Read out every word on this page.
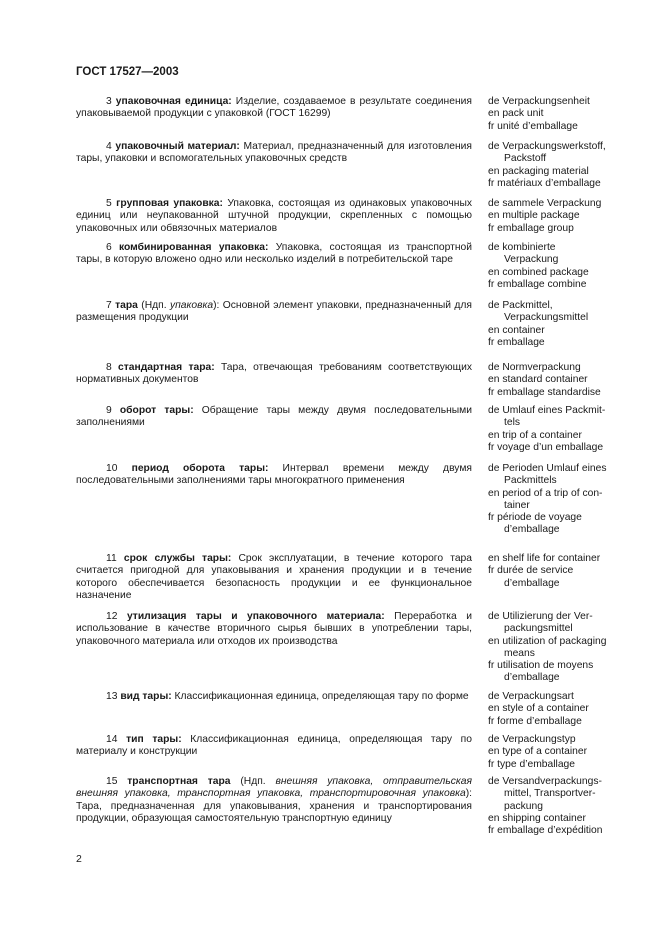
ГОСТ 17527—2003
3 упаковочная единица: Изделие, создаваемое в результате соединения упаковываемой продукции с упаковкой (ГОСТ 16299)
de Verpackungsenheit
en pack unit
fr unité d’emballage
4 упаковочный материал: Материал, предназначенный для изготовления тары, упаковки и вспомогательных упаковочных средств
de Verpackungswerkstoff,
Packstoff
en packaging material
fr matériaux d’emballage
5 групповая упаковка: Упаковка, состоящая из одинаковых упаковочных единиц или неупакованной штучной продукции, скрепленных с помощью упаковочных или обвязочных материалов
de sammele Verpackung
en multiple package
fr emballage group
6 комбинированная упаковка: Упаковка, состоящая из транспортной тары, в которую вложено одно или несколько изделий в потребительской таре
de kombinierte
Verpackung
en combined package
fr emballage combine
7 тара (Ндп. упаковка): Основной элемент упаковки, предназначенный для размещения продукции
de Packmittel,
Verpackungsmittel
en container
fr emballage
8 стандартная тара: Тара, отвечающая требованиям соответствующих нормативных документов
de Normverpackung
en standard container
fr emballage standardise
9 оборот тары: Обращение тары между двумя последовательными заполнениями
de Umlauf eines Packmit-
tels
en trip of a container
fr voyage d’un emballage
10 период оборота тары: Интервал времени между двумя последовательными заполнениями тары многократного применения
de Perioden Umlauf eines
Packmittels
en period of a trip of con-
tainer
fr période de voyage
d’emballage
11 срок службы тары: Срок эксплуатации, в течение которого тара считается пригодной для упаковывания и хранения продукции и в течение которого обеспечивается безопасность продукции и ее функциональное назначение
en shelf life for container
fr durée de service
d’emballage
12 утилизация тары и упаковочного материала: Переработка и использование в качестве вторичного сырья бывших в употреблении тары, упаковочного материала или отходов их производства
de Utilizierung der Ver-
packungsmittel
en utilization of packaging
means
fr utilisation de moyens
d’emballage
13 вид тары: Классификационная единица, определяющая тару по форме	de Verpackungsart
en style of a container
fr forme d’emballage
14 тип тары: Классификационная единица, определяющая тару по материалу и конструкции
de Verpackungstyp
en type of a container
fr type d’emballage
15 транспортная тара (Ндп. внешняя упаковка, отправительская внешняя упаковка, транспортная упаковка, транспортировочная упаковка): Тара, предназначенная для упаковывания, хранения и транспортирования продукции, образующая самостоятельную транспортную единицу
de Versandverpackungs-
mittel, Transportver-
packung
en shipping container
fr emballage d’expédition
2
